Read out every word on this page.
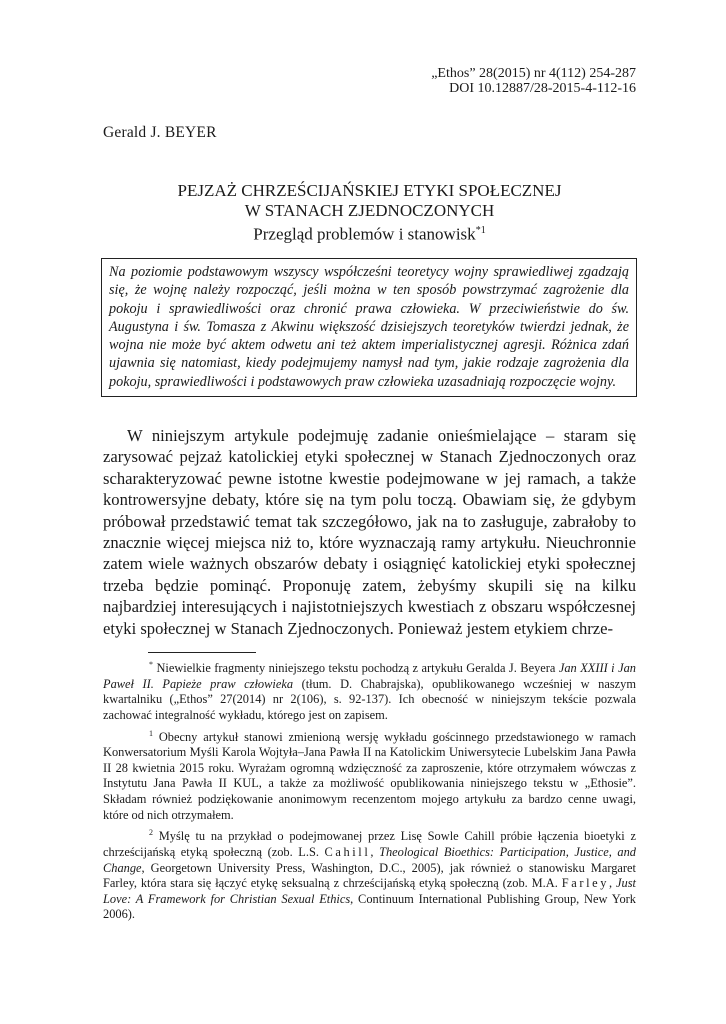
„Ethos” 28(2015) nr 4(112) 254-287
DOI 10.12887/28-2015-4-112-16
Gerald J. BEYER
PEJZAŻ CHRZEŚCIJAŃSKIEJ ETYKI SPOŁECZNEJ
W STANACH ZJEDNOCZONYCH
Przegląd problemów i stanowisk$^{*1}$
Na poziomie podstawowym wszyscy współcześni teoretycy wojny sprawiedliwej zgadzają się, że wojnę należy rozpocząć, jeśli można w ten sposób powstrzymać zagrożenie dla pokoju i sprawiedliwości oraz chronić prawa człowieka. W przeciwieństwie do św. Augustyna i św. Tomasza z Akwinu większość dzisiejszych teoretyków twierdzi jednak, że wojna nie może być aktem odwetu ani też aktem imperialistycznej agresji. Różnica zdań ujawnia się natomiast, kiedy podejmujemy namysł nad tym, jakie rodzaje zagrożenia dla pokoju, sprawiedliwości i podstawowych praw człowieka uzasadniają rozpoczęcie wojny.

W niniejszym artykule podejmuję zadanie onieśmielające – staram się zarysować pejzaż katolickiej etyki społecznej w Stanach Zjednoczonych oraz scharakteryzować pewne istotne kwestie podejmowane w jej ramach, a także kontrowersyjne debaty, które się na tym polu toczą. Obawiam się, że gdybym próbował przedstawić temat tak szczegółowo, jak na to zasługuje, zabrałoby to znacznie więcej miejsca niż to, które wyznaczają ramy artykułu. Nieuchronnie zatem wiele ważnych obszarów debaty i osiągnięć katolickiej etyki społecznej trzeba będzie pominąć. Proponuję zatem, żebyśmy skupili się na kilku najbardziej interesujących i najistotniejszych kwestiach z obszaru współczesnej etyki społecznej w Stanach Zjednoczonych. Ponieważ jestem etykiem chrze-

* Niewielkie fragmenty niniejszego tekstu pochodzą z artykułu Geralda J. Beyera Jan XXIII i Jan Paweł II. Papieże praw człowieka (tłum. D. Chabrajska), opublikowanego wcześniej w naszym kwartalniku („Ethos” 27(2014) nr 2(106), s. 92-137). Ich obecność w niniejszym tekście pozwala zachować integralność wykładu, którego jest on zapisem.

$^1$ Obecny artykuł stanowi zmienioną wersję wykładu gościnnego przedstawionego w ramach Konwersatorium Myśli Karola Wojtyła–Jana Pawła II na Katolickim Uniwersytecie Lubelskim Jana Pawła II 28 kwietnia 2015 roku. Wyrażam ogromną wdzięczność za zaproszenie, które otrzymałem wówczas z Instytutu Jana Pawła II KUL, a także za możliwość opublikowania niniejszego tekstu w „Ethosie”. Składam również podziękowanie anonimowym recenzentom mojego artykułu za bardzo cenne uwagi, które od nich otrzymałem.

$^2$ Myślę tu na przykład o podejmowanej przez Lisę Sowle Cahill próbie łączenia bioetyki z chrześcijańską etyką społeczną (zob. L.S. Cahill, Theological Bioethics: Participation, Justice, and Change, Georgetown University Press, Washington, D.C., 2005), jak również o stanowisku Margaret Farley, która stara się łączyć etykę seksualną z chrześcijańską etyką społeczną (zob. M.A. Farley, Just Love: A Framework for Christian Sexual Ethics, Continuum International Publishing Group, New York 2006).
